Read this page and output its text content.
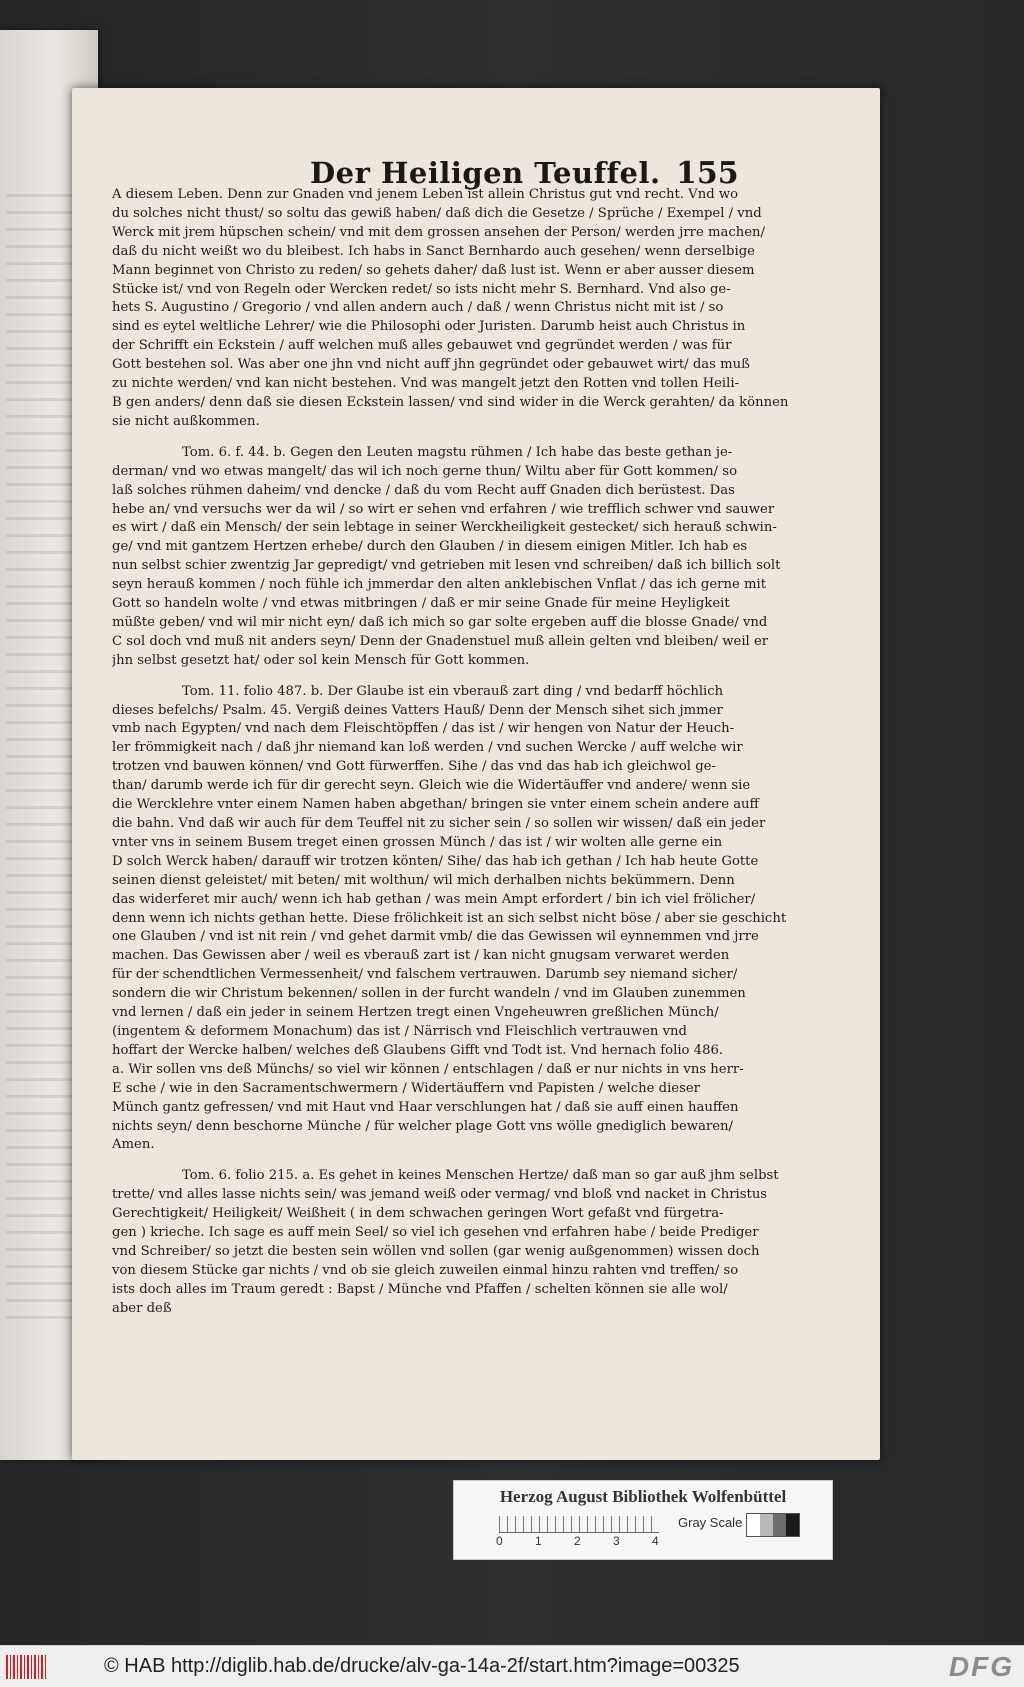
Der Heiligen Teuffel. 155
A diesem Leben. Denn zur Gnaden vnd jenem Leben ist allein Christus gut vnd recht. Vnd wo
du solches nicht thust/ so soltu das gewiß haben/ daß dich die Gesetze / Sprüche / Exempel / vnd
Werck mit jrem hüpschen schein/ vnd mit dem grossen ansehen der Person/ werden jrre machen/
daß du nicht weißt wo du bleibest. Ich habs in Sanct Bernhardo auch gesehen/ wenn derselbige
Mann beginnet von Christo zu reden/ so gehets daher/ daß lust ist. Wenn er aber ausser diesem
Stücke ist/ vnd von Regeln oder Wercken redet/ so ists nicht mehr S. Bernhard. Vnd also ge-
hets S. Augustino / Gregorio / vnd allen andern auch / daß / wenn Christus nicht mit ist / so
sind es eytel weltliche Lehrer/ wie die Philosophi oder Juristen. Darumb heist auch Christus in
der Schrifft ein Eckstein / auff welchen muß alles gebauwet vnd gegründet werden / was für
Gott bestehen sol. Was aber one jhn vnd nicht auff jhn gegründet oder gebauwet wirt/ das muß
zu nichte werden/ vnd kan nicht bestehen. Vnd was mangelt jetzt den Rotten vnd tollen Heili-
B gen anders/ denn daß sie diesen Eckstein lassen/ vnd sind wider in die Werck gerahten/ da können
sie nicht außkommen.
Tom. 6. f. 44. b. Gegen den Leuten magstu rühmen / Ich habe das beste gethan je-
derman/ vnd wo etwas mangelt/ das wil ich noch gerne thun/ Wiltu aber für Gott kommen/ so
laß solches rühmen daheim/ vnd dencke / daß du vom Recht auff Gnaden dich berüstest. Das
hebe an/ vnd versuchs wer da wil / so wirt er sehen vnd erfahren / wie trefflich schwer vnd sauwer
es wirt / daß ein Mensch/ der sein lebtage in seiner Werckheiligkeit gestecket/ sich herauß schwin-
ge/ vnd mit gantzem Hertzen erhebe/ durch den Glauben / in diesem einigen Mitler. Ich hab es
nun selbst schier zwentzig Jar gepredigt/ vnd getrieben mit lesen vnd schreiben/ daß ich billich solt
seyn herauß kommen / noch fühle ich jmmerdar den alten anklebischen Vnflat / das ich gerne mit
Gott so handeln wolte / vnd etwas mitbringen / daß er mir seine Gnade für meine Heyligkeit
müßte geben/ vnd wil mir nicht eyn/ daß ich mich so gar solte ergeben auff die blosse Gnade/ vnd
C sol doch vnd muß nit anders seyn/ Denn der Gnadenstuel muß allein gelten vnd bleiben/ weil er
jhn selbst gesetzt hat/ oder sol kein Mensch für Gott kommen.
Tom. 11. folio 487. b. Der Glaube ist ein vberauß zart ding / vnd bedarff höchlich
dieses befelchs/ Psalm. 45. Vergiß deines Vatters Hauß/ Denn der Mensch sihet sich jmmer
vmb nach Egypten/ vnd nach dem Fleischtöpffen / das ist / wir hengen von Natur der Heuch-
ler frömmigkeit nach / daß jhr niemand kan loß werden / vnd suchen Wercke / auff welche wir
trotzen vnd bauwen können/ vnd Gott fürwerffen. Sihe / das vnd das hab ich gleichwol ge-
than/ darumb werde ich für dir gerecht seyn. Gleich wie die Widertäuffer vnd andere/ wenn sie
die Wercklehre vnter einem Namen haben abgethan/ bringen sie vnter einem schein andere auff
die bahn. Vnd daß wir auch für dem Teuffel nit zu sicher sein / so sollen wir wissen/ daß ein jeder
vnter vns in seinem Busem treget einen grossen Münch / das ist / wir wolten alle gerne ein
D solch Werck haben/ darauff wir trotzen könten/ Sihe/ das hab ich gethan / Ich hab heute Gotte
seinen dienst geleistet/ mit beten/ mit wolthun/ wil mich derhalben nichts bekümmern. Denn
das widerferet mir auch/ wenn ich hab gethan / was mein Ampt erfordert / bin ich viel frölicher/
denn wenn ich nichts gethan hette. Diese frölichkeit ist an sich selbst nicht böse / aber sie geschicht
one Glauben / vnd ist nit rein / vnd gehet darmit vmb/ die das Gewissen wil eynnemmen vnd jrre
machen. Das Gewissen aber / weil es vberauß zart ist / kan nicht gnugsam verwaret werden
für der schendtlichen Vermessenheit/ vnd falschem vertrauwen. Darumb sey niemand sicher/
sondern die wir Christum bekennen/ sollen in der furcht wandeln / vnd im Glauben zunemmen
vnd lernen / daß ein jeder in seinem Hertzen tregt einen Vngeheuwren greßlichen Münch/
(ingentem & deformem Monachum) das ist / Närrisch vnd Fleischlich vertrauwen vnd
hoffart der Wercke halben/ welches deß Glaubens Gifft vnd Todt ist. Vnd hernach folio 486.
a. Wir sollen vns deß Münchs/ so viel wir können / entschlagen / daß er nur nichts in vns herr-
E sche / wie in den Sacramentschwermern / Widertäuffern vnd Papisten / welche dieser
Münch gantz gefressen/ vnd mit Haut vnd Haar verschlungen hat / daß sie auff einen hauffen
nichts seyn/ denn beschorne Münche / für welcher plage Gott vns wölle gnediglich bewaren/
Amen.
Tom. 6. folio 215. a. Es gehet in keines Menschen Hertze/ daß man so gar auß jhm selbst
trette/ vnd alles lasse nichts sein/ was jemand weiß oder vermag/ vnd bloß vnd nacket in Christus
Gerechtigkeit/ Heiligkeit/ Weißheit ( in dem schwachen geringen Wort gefaßt vnd fürgetra-
gen ) krieche. Ich sage es auff mein Seel/ so viel ich gesehen vnd erfahren habe / beide Prediger
vnd Schreiber/ so jetzt die besten sein wöllen vnd sollen (gar wenig außgenommen) wissen doch
von diesem Stücke gar nichts / vnd ob sie gleich zuweilen einmal hinzu rahten vnd treffen/ so
ists doch alles im Traum geredt : Bapst / Münche vnd Pfaffen / schelten können sie alle wol/
aber deß
Herzog August Bibliothek Wolfenbüttel
0	1	2	3	4
Gray Scale
© HAB http://diglib.hab.de/drucke/alv-ga-14a-2f/start.htm?image=00325	DFG
